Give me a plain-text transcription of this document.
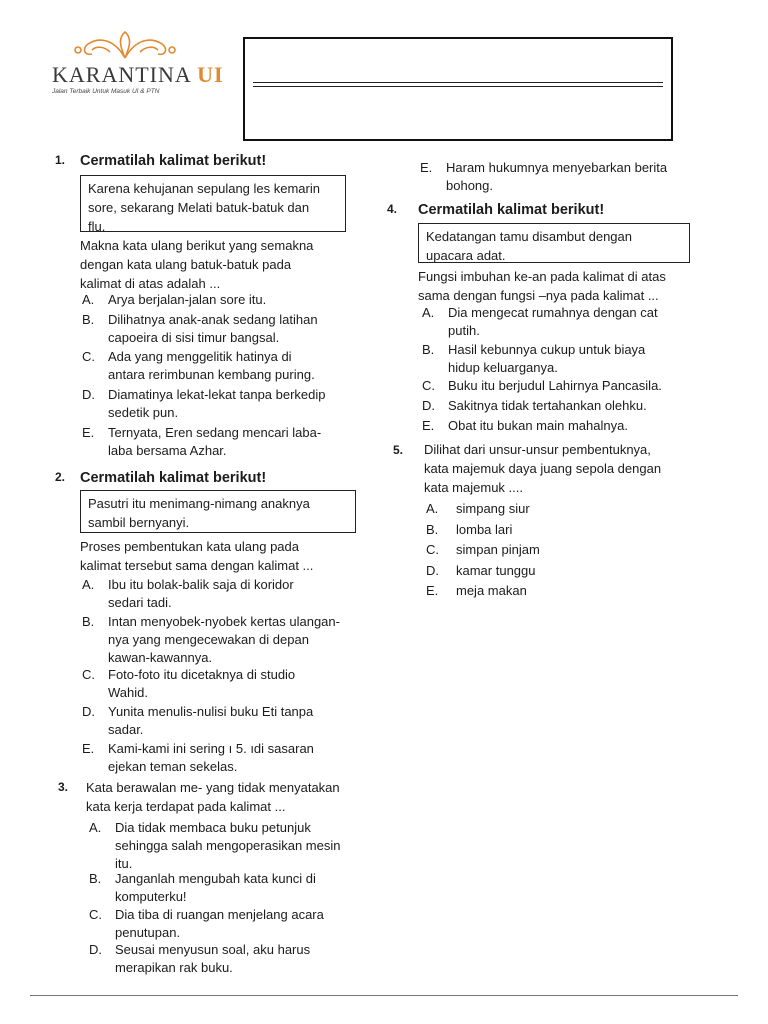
KARANTINA UI
Jalan Terbaik Untuk Masuk UI & PTN
1. Cermatilah kalimat berikut!
Karena kehujanan sepulang les kemarin
sore, sekarang Melati batuk-batuk dan
flu.
Makna kata ulang berikut yang semakna
dengan kata ulang batuk-batuk pada
kalimat di atas adalah ...
A. Arya berjalan-jalan sore itu.
B. Dilihatnya anak-anak sedang latihan
capoeira di sisi timur bangsal.
C. Ada yang menggelitik hatinya di
antara rerimbunan kembang puring.
D. Diamatinya lekat-lekat tanpa berkedip
sedetik pun.
E. Ternyata, Eren sedang mencari laba-
laba bersama Azhar.
2. Cermatilah kalimat berikut!
Pasutri itu menimang-nimang anaknya
sambil bernyanyi.
Proses pembentukan kata ulang pada
kalimat tersebut sama dengan kalimat ...
A. Ibu itu bolak-balik saja di koridor
sedari tadi.
B. Intan menyobek-nyobek kertas ulangan-
nya yang mengecewakan di depan
kawan-kawannya.
C. Foto-foto itu dicetaknya di studio
Wahid.
D. Yunita menulis-nulisi buku Eti tanpa
sadar.
E. Kami-kami ini sering ı 5. ıdi sasaran
ejekan teman sekelas.
3. Kata berawalan me- yang tidak menyatakan
kata kerja terdapat pada kalimat ...
A. Dia tidak membaca buku petunjuk
sehingga salah mengoperasikan mesin
itu.
B. Janganlah mengubah kata kunci di
komputerku!
C. Dia tiba di ruangan menjelang acara
penutupan.
D. Seusai menyusun soal, aku harus
merapikan rak buku.
E. Haram hukumnya menyebarkan berita
bohong.
4. Cermatilah kalimat berikut!
Kedatangan tamu disambut dengan
upacara adat.
Fungsi imbuhan ke-an pada kalimat di atas
sama dengan fungsi –nya pada kalimat ...
A. Dia mengecat rumahnya dengan cat
putih.
B. Hasil kebunnya cukup untuk biaya
hidup keluarganya.
C. Buku itu berjudul Lahirnya Pancasila.
D. Sakitnya tidak tertahankan olehku.
E. Obat itu bukan main mahalnya.
5. Dilihat dari unsur-unsur pembentuknya,
kata majemuk daya juang sepola dengan
kata majemuk ....
A. simpang siur
B. lomba lari
C. simpan pinjam
D. kamar tunggu
E. meja makan
